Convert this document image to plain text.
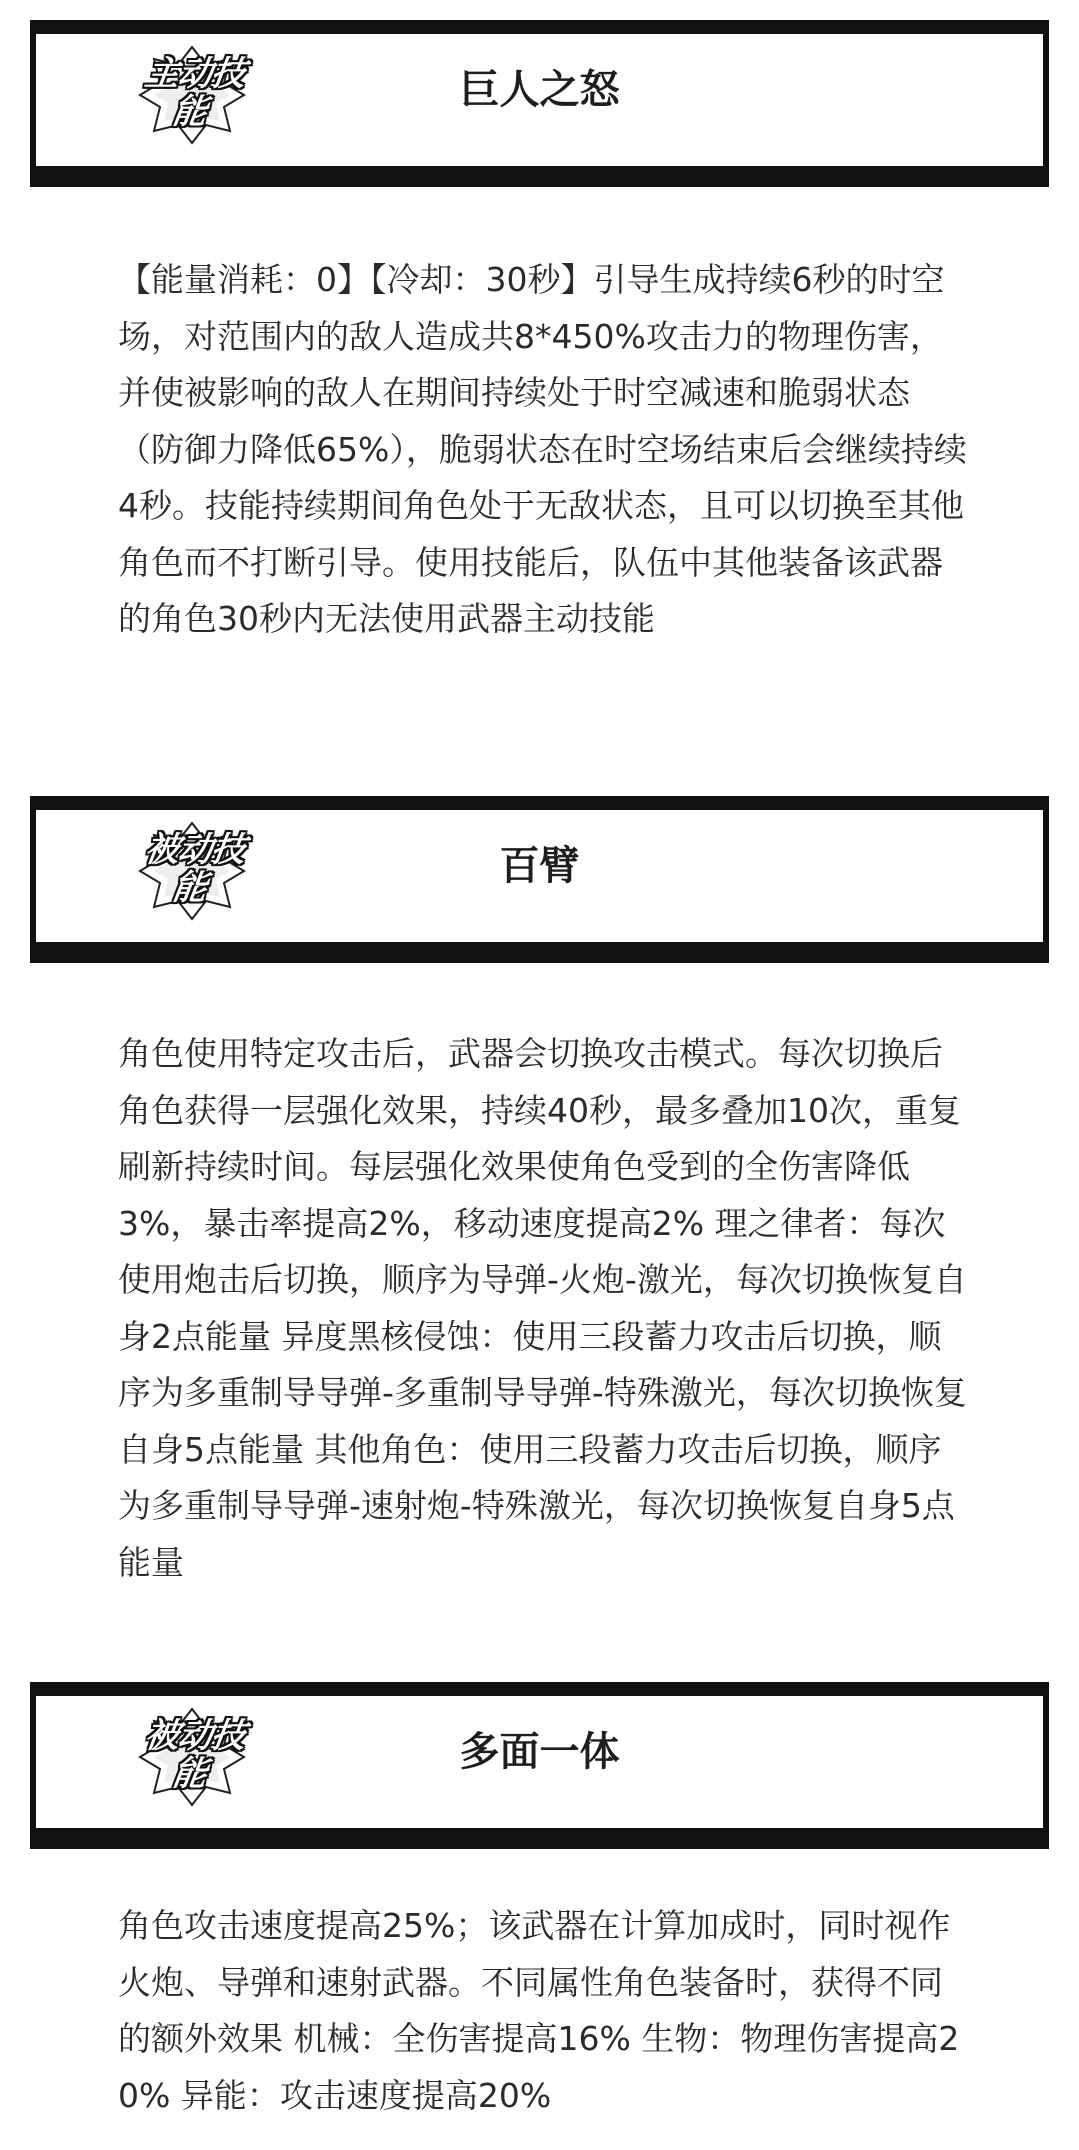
主动技能	巨人之怒

【能量消耗：0】【冷却：30秒】引导生成持续6秒的时空场，对范围内的敌人造成共8*450%攻击力的物理伤害，并使被影响的敌人在期间持续处于时空减速和脆弱状态（防御力降低65%），脆弱状态在时空场结束后会继续持续4秒。技能持续期间角色处于无敌状态，且可以切换至其他角色而不打断引导。使用技能后，队伍中其他装备该武器的角色30秒内无法使用武器主动技能

被动技能	百臂

角色使用特定攻击后，武器会切换攻击模式。每次切换后角色获得一层强化效果，持续40秒，最多叠加10次，重复刷新持续时间。每层强化效果使角色受到的全伤害降低3%，暴击率提高2%，移动速度提高2% 理之律者：每次使用炮击后切换，顺序为导弹-火炮-激光，每次切换恢复自身2点能量 异度黑核侵蚀：使用三段蓄力攻击后切换，顺序为多重制导导弹-多重制导导弹-特殊激光，每次切换恢复自身5点能量 其他角色：使用三段蓄力攻击后切换，顺序为多重制导导弹-速射炮-特殊激光，每次切换恢复自身5点能量

被动技能	多面一体

角色攻击速度提高25%；该武器在计算加成时，同时视作火炮、导弹和速射武器。不同属性角色装备时，获得不同的额外效果 机械：全伤害提高16% 生物：物理伤害提高20% 异能：攻击速度提高20%
